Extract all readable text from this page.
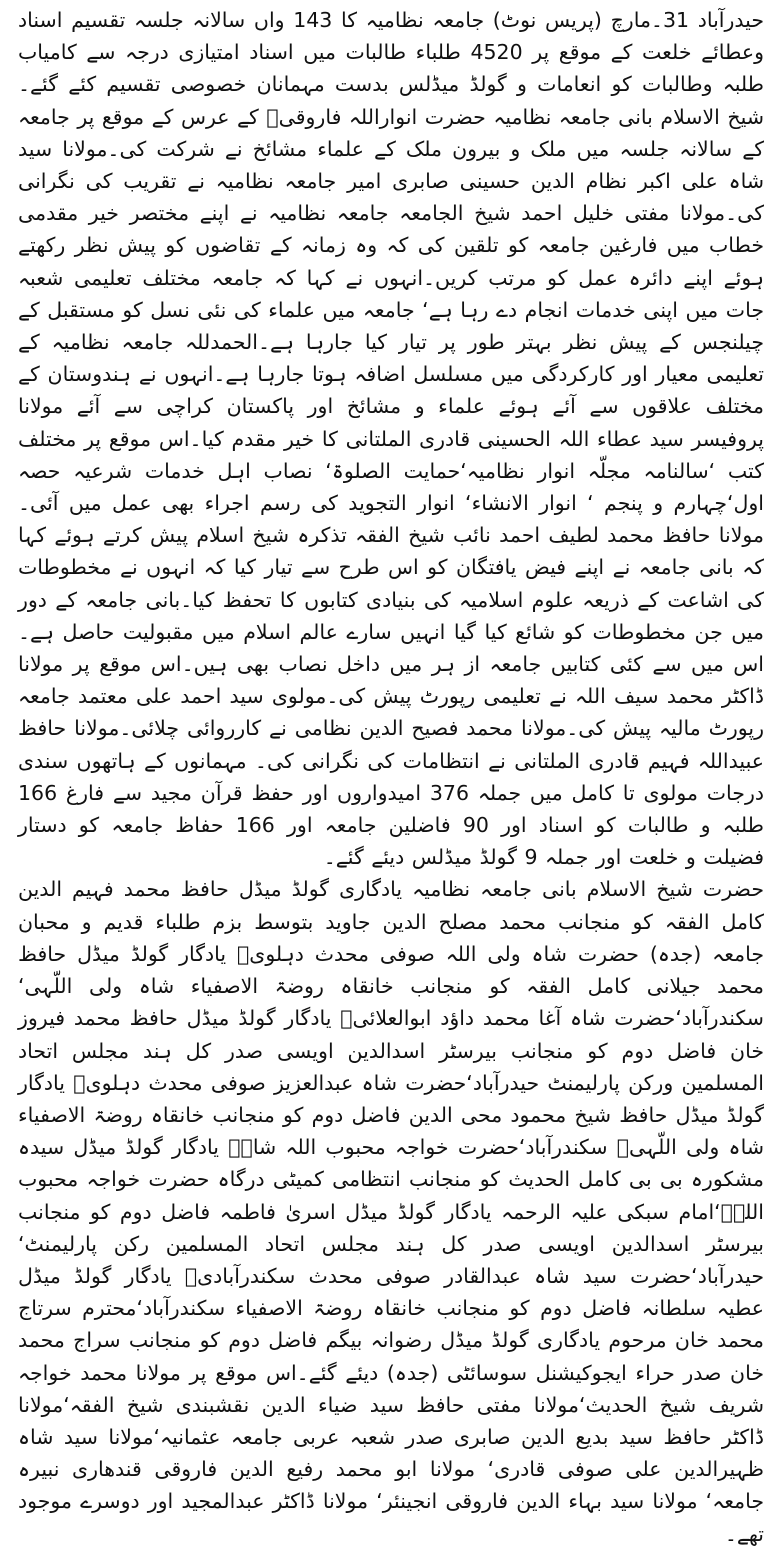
حیدرآباد 31۔مارچ (پریس نوٹ) جامعہ نظامیہ کا 143 واں سالانہ جلسہ تقسیم اسناد وعطائے خلعت کے موقع پر 4520 طلباء طالبات میں اسناد امتیازی درجہ سے کامیاب طلبہ وطالبات کو انعامات و گولڈ میڈلس بدست مہمانان خصوصی تقسیم کئے گئے۔شیخ الاسلام بانی جامعہ نظامیہ حضرت انواراللہ فاروقیؒ کے عرس کے موقع پر جامعہ کے سالانہ جلسہ میں ملک و بیرون ملک کے علماء مشائخ نے شرکت کی۔مولانا سید شاہ علی اکبر نظام الدین حسینی صابری امیر جامعہ نظامیہ نے تقریب کی نگرانی کی۔مولانا مفتی خلیل احمد شیخ الجامعہ جامعہ نظامیہ نے اپنے مختصر خیر مقدمی خطاب میں فارغین جامعہ کو تلقین کی کہ وہ زمانہ کے تقاضوں کو پیش نظر رکھتے ہوئے اپنے دائرہ عمل کو مرتب کریں۔انہوں نے کہا کہ جامعہ مختلف تعلیمی شعبہ جات میں اپنی خدمات انجام دے رہا ہے‘ جامعہ میں علماء کی نئی نسل کو مستقبل کے چیلنجس کے پیش نظر بہتر طور پر تیار کیا جارہا ہے۔الحمدللہ جامعہ نظامیہ کے تعلیمی معیار اور کارکردگی میں مسلسل اضافہ ہوتا جارہا ہے۔انہوں نے ہندوستان کے مختلف علاقوں سے آئے ہوئے علماء و مشائخ اور پاکستان کراچی سے آئے مولانا پروفیسر سید عطاء اللہ الحسینی قادری الملتانی کا خیر مقدم کیا۔اس موقع پر مختلف کتب ‘سالنامہ مجلّہ انوار نظامیہ‘حمایت الصلوۃ‘ نصاب اہل خدمات شرعیہ حصہ اول‘چہارم و پنجم ‘ انوار الانشاء‘ انوار التجوید کی رسم اجراء بھی عمل میں آئی۔مولانا حافظ محمد لطیف احمد نائب شیخ الفقہ تذکرہ شیخ اسلام پیش کرتے ہوئے کہا کہ بانی جامعہ نے اپنے فیض یافتگان کو اس طرح سے تیار کیا کہ انہوں نے مخطوطات کی اشاعت کے ذریعہ علوم اسلامیہ کی بنیادی کتابوں کا تحفظ کیا۔بانی جامعہ کے دور میں جن مخطوطات کو شائع کیا گیا انہیں سارے عالم اسلام میں مقبولیت حاصل ہے۔اس میں سے کئی کتابیں جامعہ از ہر میں داخل نصاب بھی ہیں۔اس موقع پر مولانا ڈاکٹر محمد سیف اللہ نے تعلیمی رپورٹ پیش کی۔مولوی سید احمد علی معتمد جامعہ رپورٹ مالیہ پیش کی۔مولانا محمد فصیح الدین نظامی نے کارروائی چلائی۔مولانا حافظ عبیداللہ فہیم قادری الملتانی نے انتظامات کی نگرانی کی۔ مہمانوں کے ہاتھوں سندی درجات مولوی تا کامل میں جملہ 376 امیدواروں اور حفظ قرآن مجید سے فارغ 166 طلبہ و طالبات کو اسناد اور 90 فاضلین جامعہ اور 166 حفاظ جامعہ کو دستار فضیلت و خلعت اور جملہ 9 گولڈ میڈلس دیئے گئے۔

حضرت شیخ الاسلام بانی جامعہ نظامیہ یادگاری گولڈ میڈل حافظ محمد فہیم الدین کامل الفقہ کو منجانب محمد مصلح الدین جاوید بتوسط بزم طلباء قدیم و محبان جامعہ (جدہ) حضرت شاہ ولی اللہ صوفی محدث دہلویؒ یادگار گولڈ میڈل حافظ محمد جیلانی کامل الفقہ کو منجانب خانقاہ روضۃ الاصفیاء شاہ ولی اللّہی‘ سکندرآباد‘حضرت شاہ آغا محمد داؤد ابوالعلائیؒ یادگار گولڈ میڈل حافظ محمد فیروز خان فاضل دوم کو منجانب بیرسٹر اسدالدین اویسی صدر کل ہند مجلس اتحاد المسلمین ورکن پارلیمنٹ حیدرآباد‘حضرت شاہ عبدالعزیز صوفی محدث دہلویؒ یادگار گولڈ میڈل حافظ شیخ محمود محی الدین فاضل دوم کو منجانب خانقاہ روضۃ الاصفیاء شاہ ولی اللّہیؒ سکندرآباد‘حضرت خواجہ محبوب اللہ شاہؒ یادگار گولڈ میڈل سیدہ مشکورہ بی بی کامل الحدیث کو منجانب انتظامی کمیٹی درگاہ حضرت خواجہ محبوب اللہؒ‘امام سبکی علیہ الرحمہ یادگار گولڈ میڈل اسریٰ فاطمہ فاضل دوم کو منجانب بیرسٹر اسدالدین اویسی صدر کل ہند مجلس اتحاد المسلمین رکن پارلیمنٹ‘ حیدرآباد‘حضرت سید شاہ عبدالقادر صوفی محدث سکندرآبادیؒ یادگار گولڈ میڈل عطیہ سلطانہ فاضل دوم کو منجانب خانقاہ روضۃ الاصفیاء سکندرآباد‘محترم سرتاج محمد خان مرحوم یادگاری گولڈ میڈل رضوانہ بیگم فاضل دوم کو منجانب سراج محمد خان صدر حراء ایجوکیشنل سوسائٹی (جدہ) دیئے گئے۔اس موقع پر مولانا محمد خواجہ شریف شیخ الحدیث‘مولانا مفتی حافظ سید ضیاء الدین نقشبندی شیخ الفقہ‘مولانا ڈاکٹر حافظ سید بدیع الدین صابری صدر شعبہ عربی جامعہ عثمانیہ‘مولانا سید شاہ ظہیرالدین علی صوفی قادری‘ مولانا ابو محمد رفیع الدین فاروقی قندھاری نبیرہ جامعہ‘ مولانا سید بہاء الدین فاروقی انجینئر‘ مولانا ڈاکٹر عبدالمجید اور دوسرے موجود تھے۔
